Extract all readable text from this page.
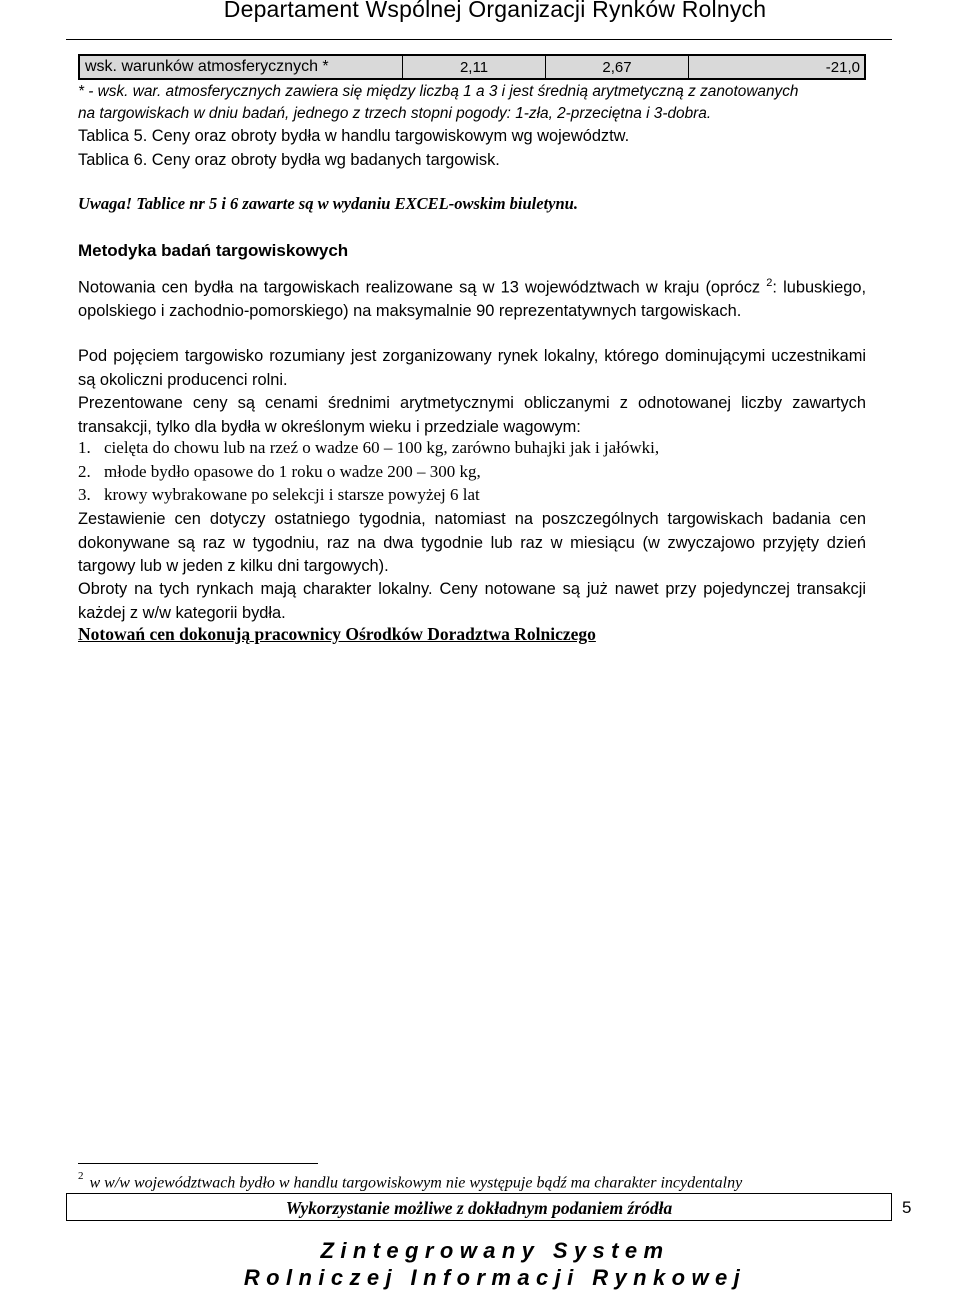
Departament Wspólnej Organizacji Rynków Rolnych
wsk. warunków atmosferycznych *	2,11	2,67	-21,0
* - wsk. war. atmosferycznych zawiera się między liczbą 1 a 3 i jest średnią arytmetyczną z zanotowanych
na targowiskach w dniu badań, jednego z trzech stopni pogody: 1-zła, 2-przeciętna i 3-dobra.
Tablica 5. Ceny oraz obroty bydła w handlu targowiskowym wg województw.
Tablica 6. Ceny oraz obroty bydła wg badanych targowisk.
Uwaga! Tablice nr 5 i 6 zawarte są w wydaniu EXCEL-owskim biuletynu.
Metodyka badań targowiskowych
Notowania cen bydła na targowiskach realizowane są w 13 województwach w kraju (oprócz $^2$: lubuskiego, opolskiego i zachodnio-pomorskiego) na maksymalnie 90 reprezentatywnych targowiskach.
Pod pojęciem targowisko rozumiany jest zorganizowany rynek lokalny, którego dominującymi uczestnikami są okoliczni producenci rolni.
Prezentowane ceny są cenami średnimi arytmetycznymi obliczanymi z odnotowanej liczby zawartych transakcji, tylko dla bydła w określonym wieku i przedziale wagowym:
1. cielęta do chowu lub na rzeź o wadze 60 – 100 kg, zarówno buhajki jak i jałówki,
2. młode bydło opasowe do 1 roku o wadze 200 – 300 kg,
3. krowy wybrakowane po selekcji i starsze powyżej 6 lat
Zestawienie cen dotyczy ostatniego tygodnia, natomiast na poszczególnych targowiskach badania cen dokonywane są raz w tygodniu, raz na dwa tygodnie lub raz w miesiącu (w zwyczajowo przyjęty dzień targowy lub w jeden z kilku dni targowych).
Obroty na tych rynkach mają charakter lokalny. Ceny notowane są już nawet przy pojedynczej transakcji każdej z w/w kategorii bydła.
Notowań cen dokonują pracownicy Ośrodków Doradztwa Rolniczego
$^2$ w w/w województwach bydło w handlu targowiskowym nie występuje bądź ma charakter incydentalny
Wykorzystanie możliwe z dokładnym podaniem źródła	5
Zintegrowany System
Rolniczej Informacji Rynkowej
